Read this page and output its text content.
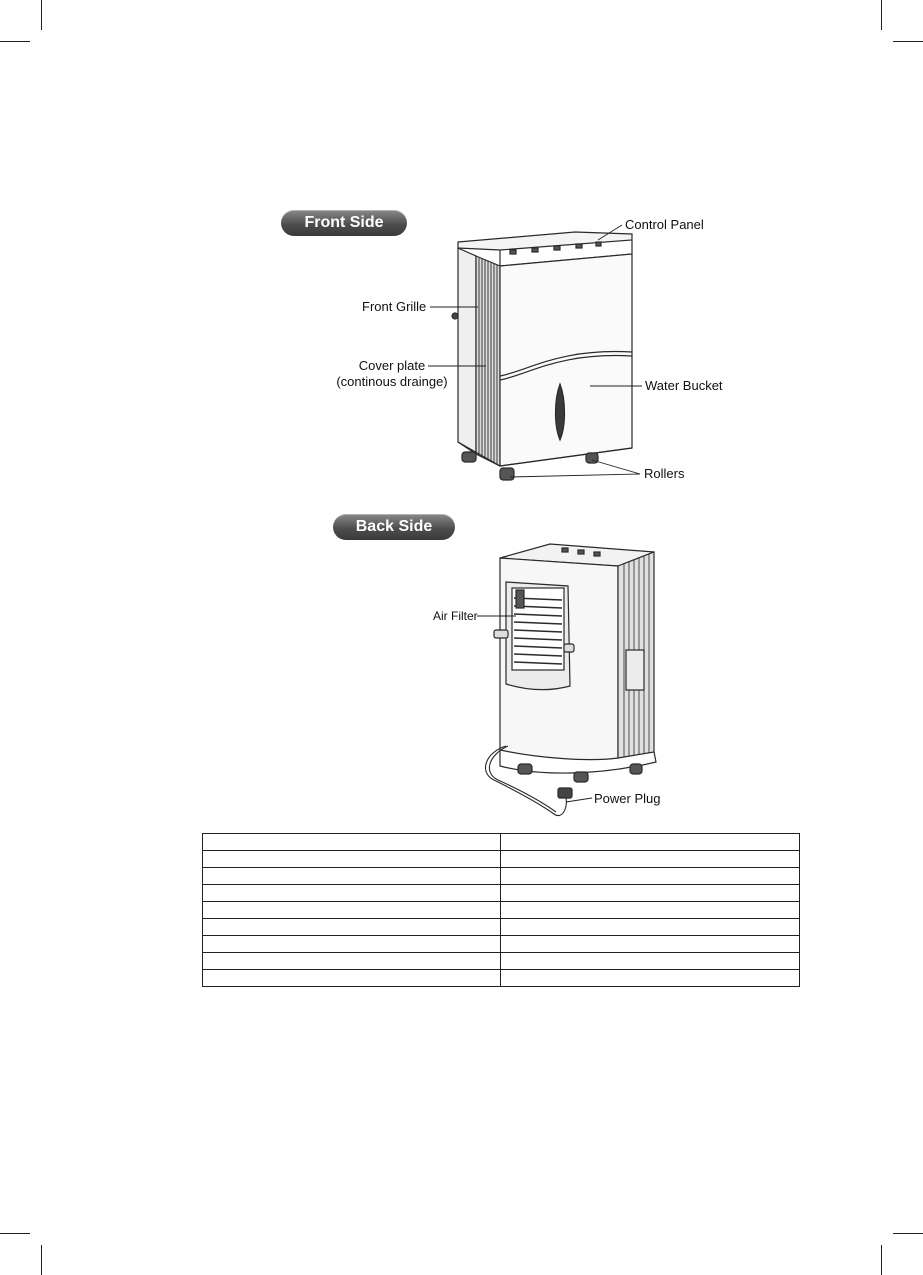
Front Side	Control Panel
Front Grille
Cover plate
(continous drainge)	Water Bucket
Rollers
Back Side
Air Filter
Power Plug
